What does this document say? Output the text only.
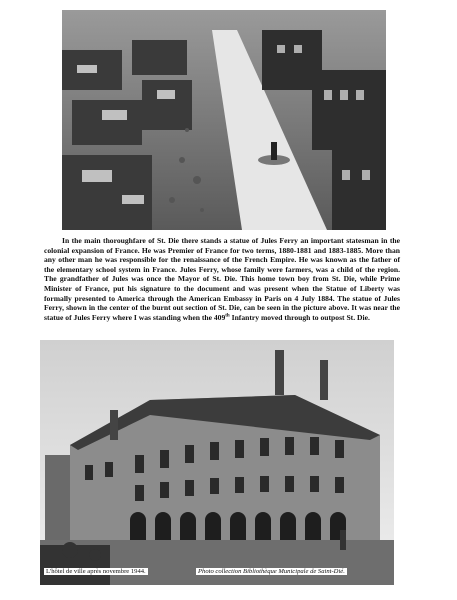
In the main thoroughfare of St. Die there stands a statue of Jules Ferry an important statesman in the colonial expansion of France. He was Premier of France for two terms, 1880-1881 and 1883-1885. More than any other man he was responsible for the renaissance of the French Empire. He was known as the father of the elementary school system in France. Jules Ferry, whose family were farmers, was a child of the region. The grandfather of Jules was once the Mayor of St. Die. This home town boy from St. Die, while Prime Minister of France, put his signature to the document and was present when the Statue of Liberty was formally presented to America through the American Embassy in Paris on 4 July 1884. The statue of Jules Ferry, shown in the center of the burnt out section of St. Die, can be seen in the picture above. It was near the statue of Jules Ferry where I was standing when the 409th Infantry moved through to outpost St. Die.
L'hôtel de ville après novembre 1944.	Photo collection Bibliothèque Municipale de Saint-Dié.
